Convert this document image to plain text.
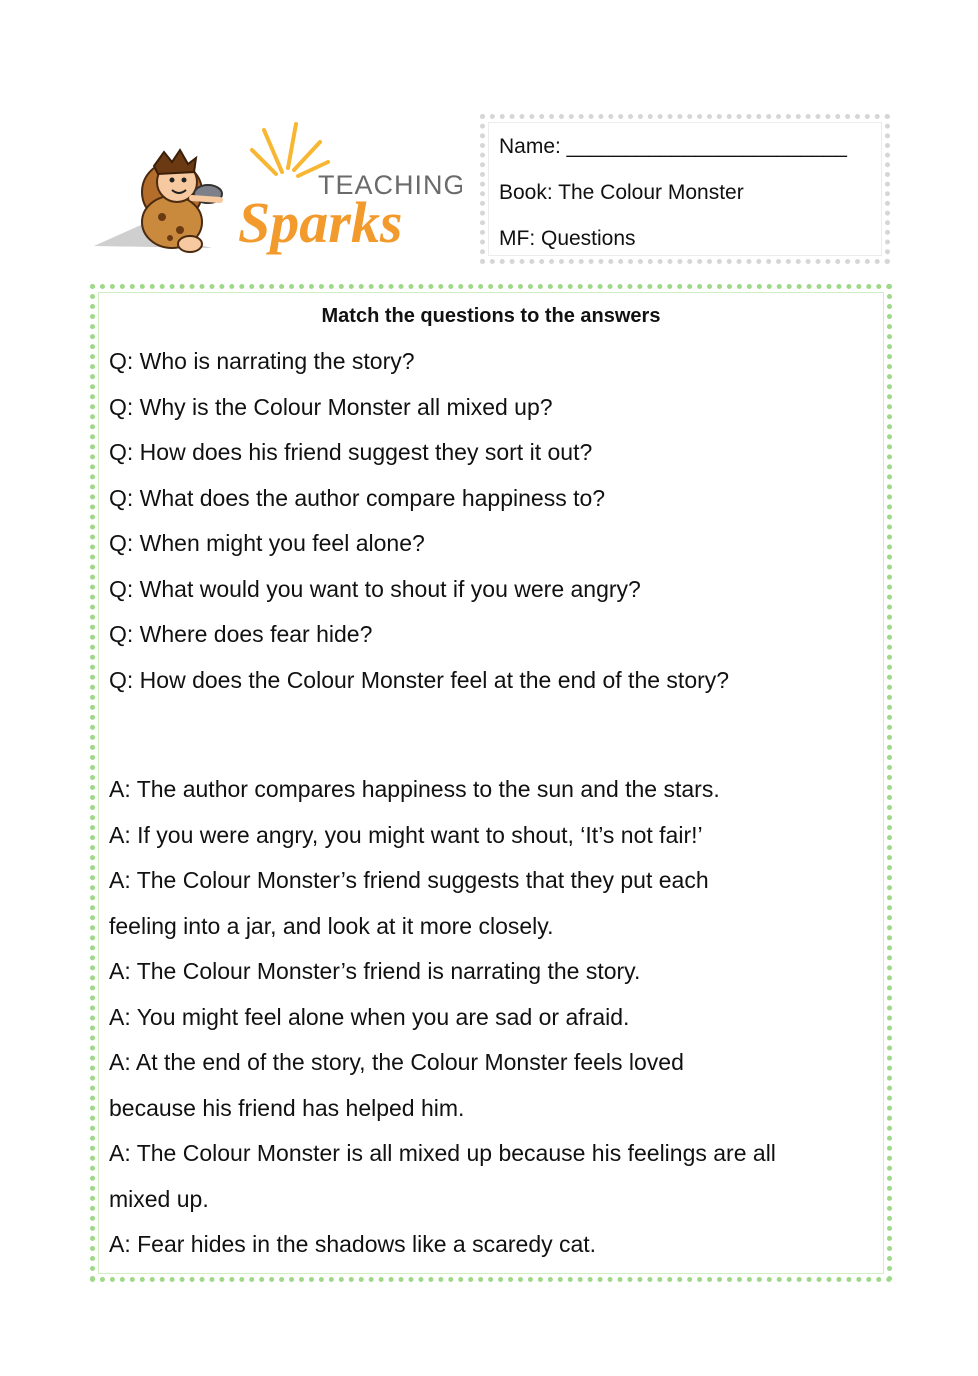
TEACHING
Sparks
Name: ________________________
Book: The Colour Monster
MF: Questions
Match the questions to the answers
Q: Who is narrating the story?
Q: Why is the Colour Monster all mixed up?
Q: How does his friend suggest they sort it out?
Q: What does the author compare happiness to?
Q: When might you feel alone?
Q: What would you want to shout if you were angry?
Q: Where does fear hide?
Q: How does the Colour Monster feel at the end of the story?
A: The author compares happiness to the sun and the stars.
A: If you were angry, you might want to shout, ‘It’s not fair!’
A: The Colour Monster’s friend suggests that they put each
feeling into a jar, and look at it more closely.
A: The Colour Monster’s friend is narrating the story.
A: You might feel alone when you are sad or afraid.
A: At the end of the story, the Colour Monster feels loved
because his friend has helped him.
A: The Colour Monster is all mixed up because his feelings are all
mixed up.
A: Fear hides in the shadows like a scaredy cat.
